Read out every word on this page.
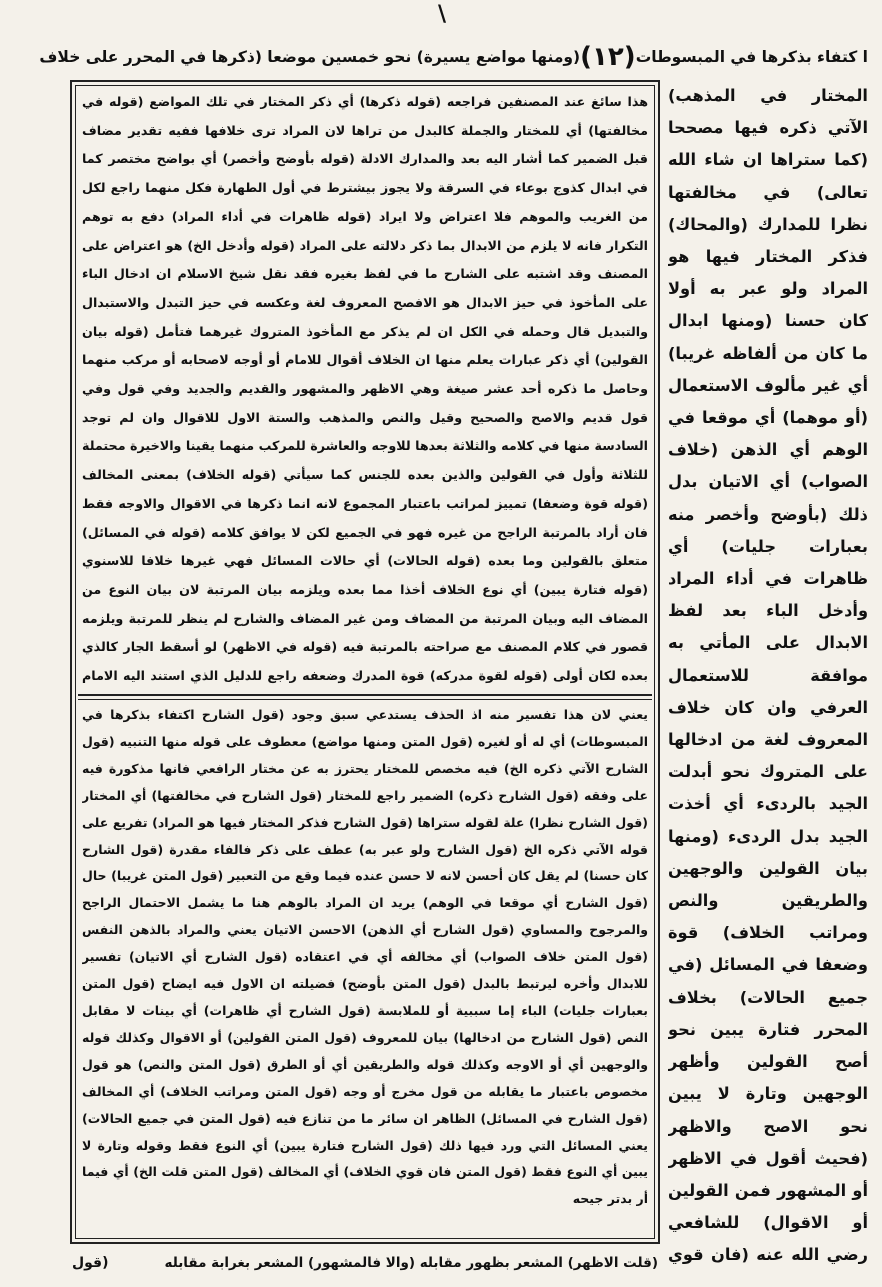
\
ا كتفاء بذكرها في المبسوطات
(١٢)
(ومنها مواضع يسيرة) نحو خمسين موضعا (ذكرها في المحرر على خلاف

المختار في المذهب) الآتي ذكره فيها مصححا (كما ستراها ان شاء الله تعالى) في مخالفتها نظرا للمدارك (والمحاك) فذكر المختار فيها هو المراد ولو عبر به أولا كان حسنا (ومنها ابدال ما كان من ألفاظه غريبا) أي غير مألوف الاستعمال (أو موهما) أي موقعا في الوهم أي الذهن (خلاف الصواب) أي الاتيان بدل ذلك (بأوضح وأخصر منه بعبارات جليات) أي ظاهرات في أداء المراد وأدخل الباء بعد لفظ الابدال على المأتي به موافقة للاستعمال العرفي وان كان خلاف المعروف لغة من ادخالها على المتروك نحو أبدلت الجيد بالردىء أي أخذت الجيد بدل الردىء (ومنها بيان القولين والوجهين والطريقين والنص ومراتب الخلاف) قوة وضعفا في المسائل (في جميع الحالات) بخلاف المحرر فتارة يبين نحو أصح القولين وأظهر الوجهين وتارة لا يبين نحو الاصح والاظهر (فحيث أقول في الاظهر أو المشهور فمن القولين أو الاقوال) للشافعي رضي الله عنه (فان قوي

هذا سائغ عند المصنفين فراجعه (قوله ذكرها) أي ذكر المختار في تلك المواضع (قوله في مخالفتها) أي للمختار والجملة كالبدل من تراها لان المراد ترى خلافها ففيه تقدير مضاف قبل الضمير كما أشار اليه بعد والمدارك الادلة (قوله بأوضح وأخصر) أي بواضح مختصر كما في ابدال كذوج بوعاء في السرقة ولا يجوز بيشترط في أول الطهارة فكل منهما راجع لكل من الغريب والموهم فلا اعتراض ولا ايراد (قوله ظاهرات في أداء المراد) دفع به توهم التكرار فانه لا يلزم من الابدال بما ذكر دلالته على المراد (قوله وأدخل الخ) هو اعتراض على المصنف وقد اشتبه على الشارح ما في لفظ بغيره فقد نقل شيخ الاسلام ان ادخال الباء على المأخوذ في حيز الابدال هو الافصح المعروف لغة وعكسه في حيز التبدل والاستبدال والتبديل قال وحمله في الكل ان لم يذكر مع المأخوذ المتروك غيرهما فتأمل (قوله بيان القولين) أي ذكر عبارات يعلم منها ان الخلاف أقوال للامام أو أوجه لاصحابه أو مركب منهما وحاصل ما ذكره أحد عشر صيغة وهي الاظهر والمشهور والقديم والجديد وفي قول وفي قول قديم والاصح والصحيح وقيل والنص والمذهب والستة الاول للاقوال وان لم توجد السادسة منها في كلامه والثلاثة بعدها للاوجه والعاشرة للمركب منهما يقينا والاخيرة محتملة للثلاثة وأول في القولين والذين بعده للجنس كما سيأتي (قوله الخلاف) بمعنى المخالف (قوله قوة وضعفا) تمييز لمراتب باعتبار المجموع لانه انما ذكرها في الاقوال والاوجه فقط فان أراد بالمرتبة الراجح من غيره فهو في الجميع لكن لا يوافق كلامه (قوله في المسائل) متعلق بالقولين وما بعده (قوله الحالات) أي حالات المسائل فهي غيرها خلافا للاسنوي (قوله فتارة يبين) أي نوع الخلاف أخذا مما بعده ويلزمه بيان المرتبة لان بيان النوع من المضاف اليه وبيان المرتبة من المضاف ومن غير المضاف والشارح لم ينظر للمرتبة ويلزمه قصور في كلام المصنف مع صراحته بالمرتبة فيه (قوله في الاظهر) لو أسقط الجار كالذي بعده لكان أولى (قوله لقوة مدركه) قوة المدرك وضعفه راجع للدليل الذي استند اليه الامام

يعني لان هذا تفسير منه اذ الحذف يستدعي سبق وجود (قول الشارح اكتفاء بذكرها في المبسوطات) أي له أو لغيره (قول المتن ومنها مواضع) معطوف على قوله منها التنبيه (قول الشارح الآتي ذكره الخ) فيه مخصص للمختار يحترز به عن مختار الرافعي فانها مذكورة فيه على وفقه (قول الشارح ذكره) الضمير راجع للمختار (قول الشارح في مخالفتها) أي المختار (قول الشارح نظرا) علة لقوله ستراها (قول الشارح فذكر المختار فيها هو المراد) تفريع على قوله الآتي ذكره الخ (قول الشارح ولو عبر به) عطف على ذكر فالفاء مقدرة (قول الشارح كان حسنا) لم يقل كان أحسن لانه لا حسن عنده فيما وقع من التعبير (قول المتن غريبا) حال (قول الشارح أي موقعا في الوهم) يريد ان المراد بالوهم هنا ما يشمل الاحتمال الراجح والمرجوح والمساوي (قول الشارح أي الذهن) الاحسن الاتيان يعني والمراد بالذهن النفس (قول المتن خلاف الصواب) أي مخالفه أي في اعتقاده (قول الشارح أي الاتيان) تفسير للابدال وأخره ليرتبط بالبدل (قول المتن بأوضح) فضيلته ان الاول فيه ايضاح (قول المتن بعبارات جليات) الباء إما سببية أو للملابسة (قول الشارح أي ظاهرات) أي بينات لا مقابل النص (قول الشارح من ادخالها) بيان للمعروف (قول المتن القولين) أو الاقوال وكذلك قوله والوجهين أي أو الاوجه وكذلك قوله والطريقين أي أو الطرق (قول المتن والنص) هو قول مخصوص باعتبار ما يقابله من قول مخرج أو وجه (قول المتن ومراتب الخلاف) أي المخالف (قول الشارح في المسائل) الظاهر ان سائر ما من تنازع فيه (قول المتن في جميع الحالات) يعني المسائل التي ورد فيها ذلك (قول الشارح فتارة يبين) أي النوع فقط وقوله وتارة لا يبين أي النوع فقط (قول المتن فان قوي الخلاف) أي المخالف (قول المتن قلت الخ) أي فيما أر بدتر جيحه

(قلت الاظهر) المشعر بظهور مقابله (والا فالمشهور) المشعر بغرابة مقابله
(قول
